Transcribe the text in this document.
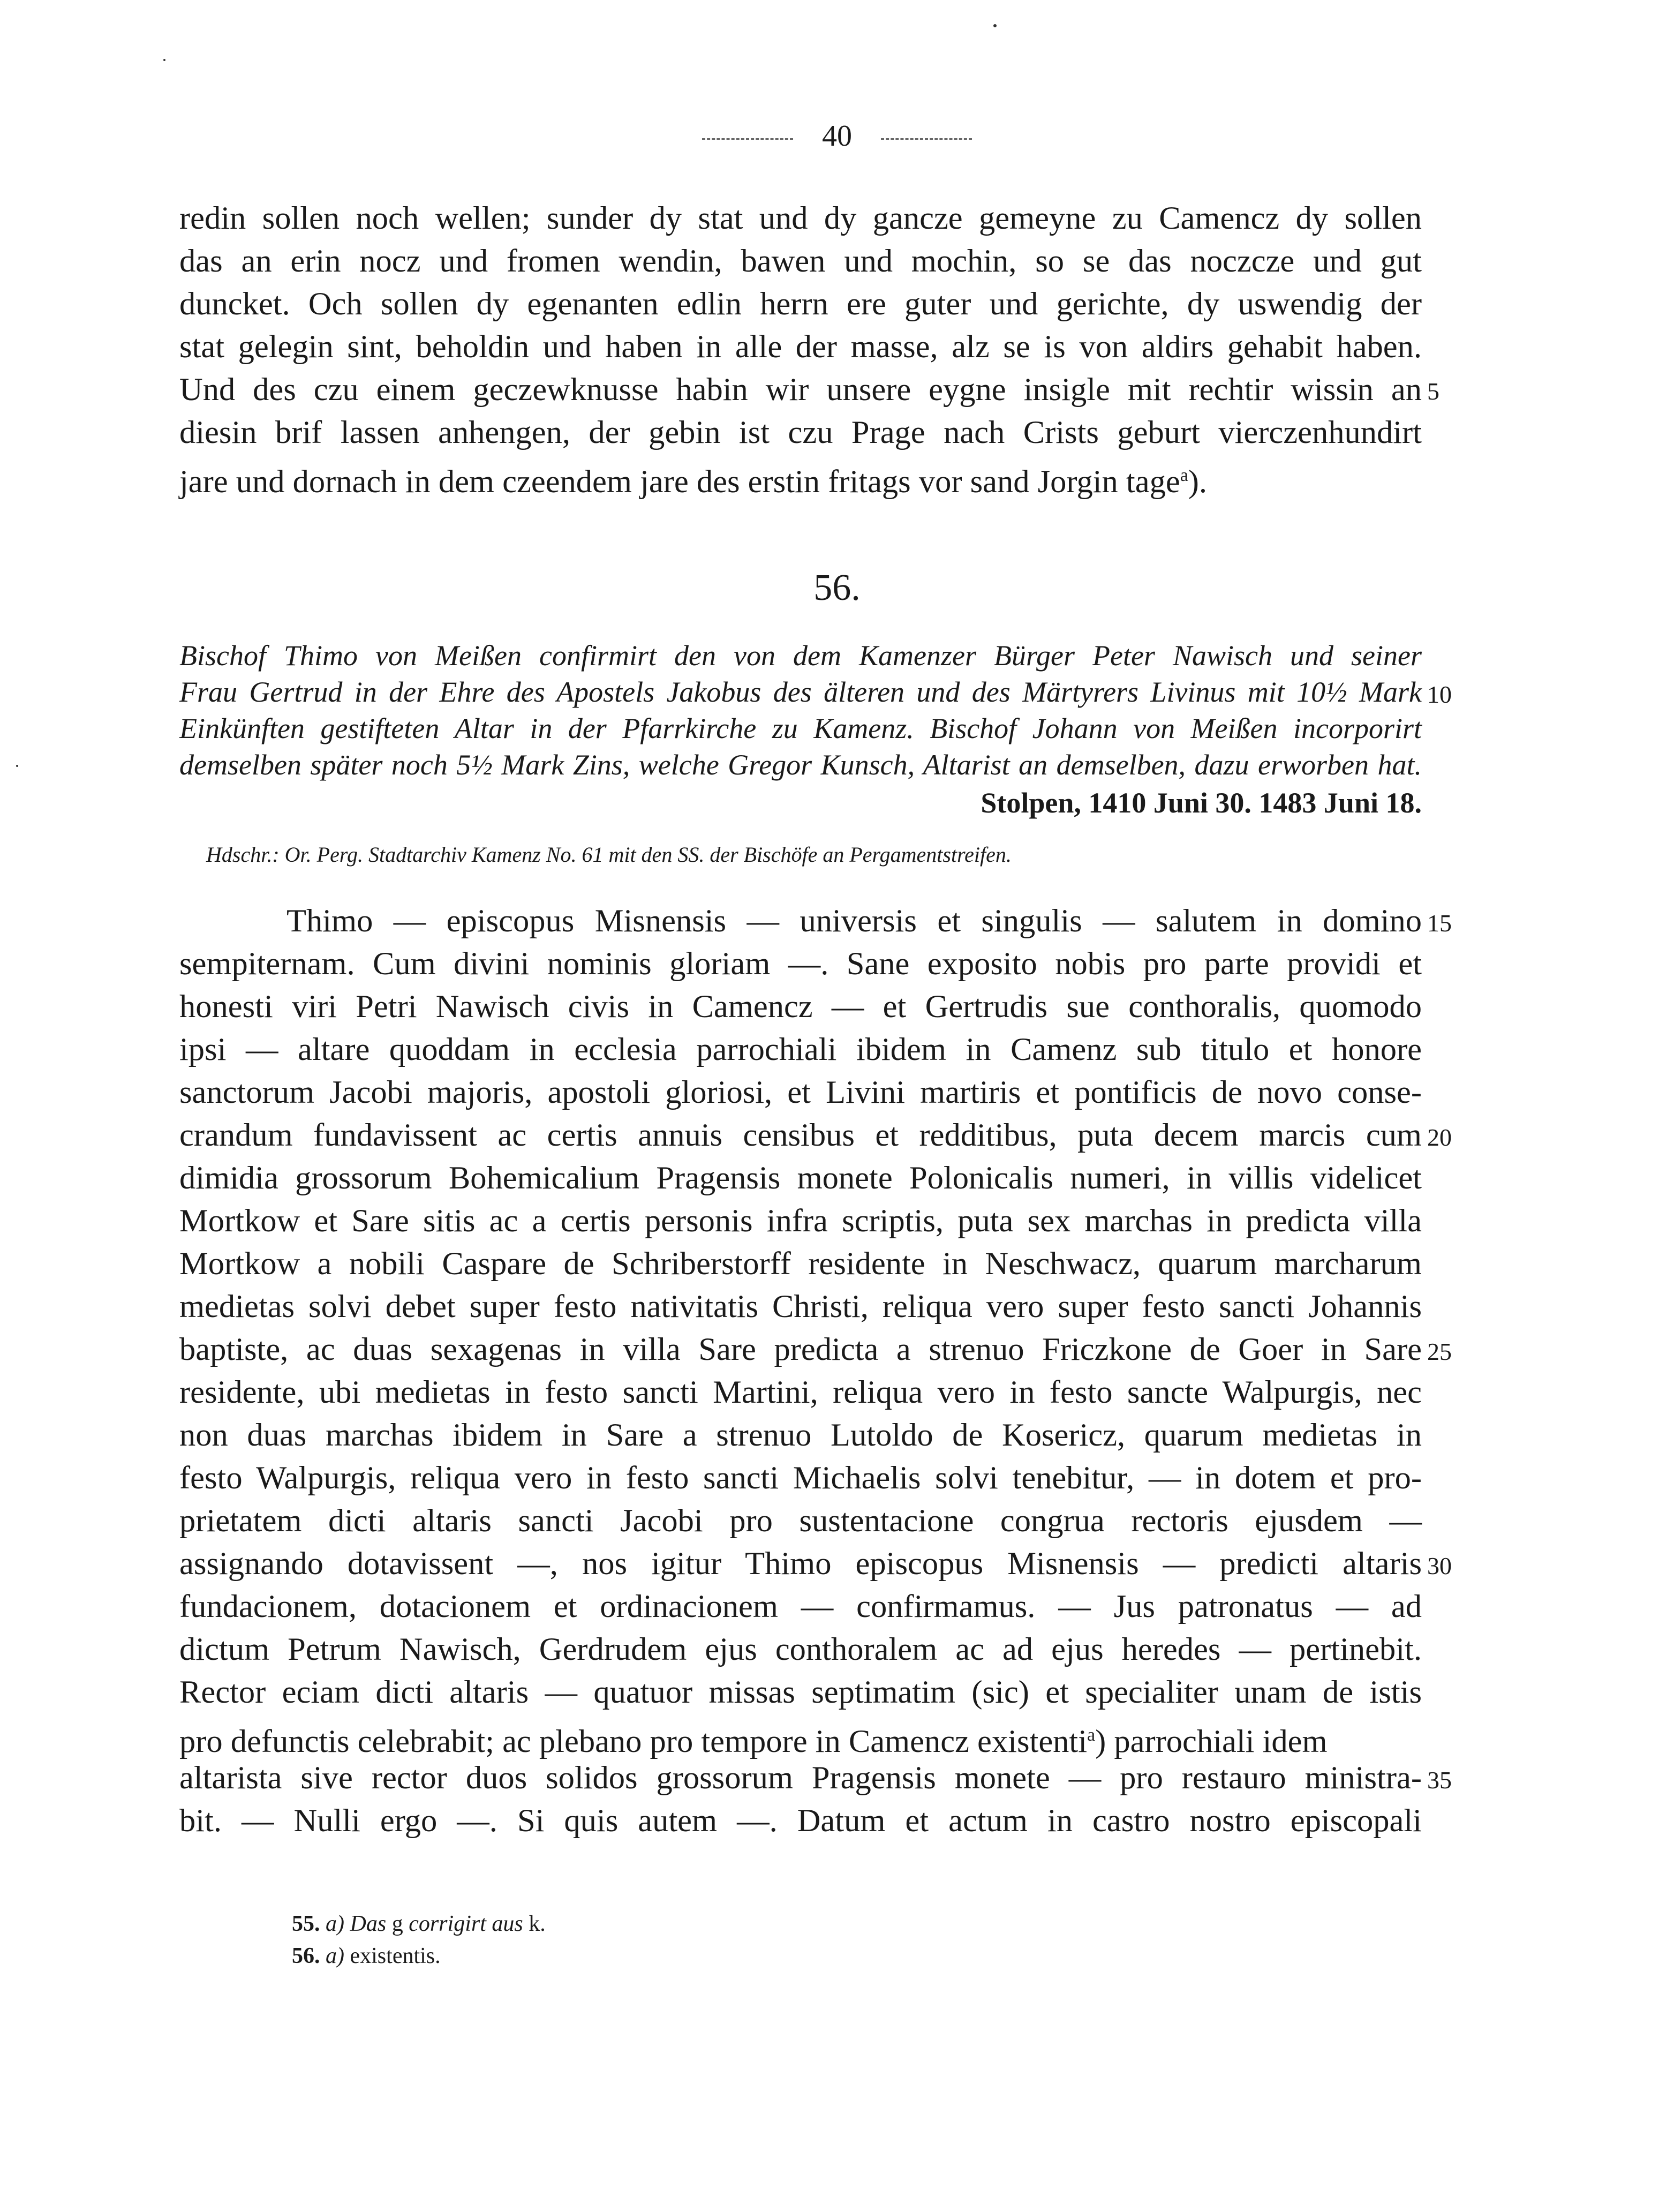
40
redin sollen noch wellen; sunder dy stat und dy gancze gemeyne zu Camencz dy sollen
das an erin nocz und fromen wendin, bawen und mochin, so se das noczcze und gut
duncket. Och sollen dy egenanten edlin herrn ere guter und gerichte, dy uswendig der
stat gelegin sint, beholdin und haben in alle der masse, alz se is von aldirs gehabit haben.
Und des czu einem geczewknusse habin wir unsere eygne insigle mit rechtir wissin an
diesin brif lassen anhengen, der gebin ist czu Prage nach Crists geburt vierczenhundirt
jare und dornach in dem czeendem jare des erstin fritags vor sand Jorgin tage$^a$).
56.
Bischof Thimo von Meißen confirmirt den von dem Kamenzer Bürger Peter Nawisch und seiner
Frau Gertrud in der Ehre des Apostels Jakobus des älteren und des Märtyrers Livinus mit 10½ Mark
Einkünften gestifteten Altar in der Pfarrkirche zu Kamenz. Bischof Johann von Meißen incorporirt
demselben später noch 5½ Mark Zins, welche Gregor Kunsch, Altarist an demselben, dazu erworben hat.
Stolpen, 1410 Juni 30. 1483 Juni 18.
Hdschr.: Or. Perg. Stadtarchiv Kamenz No. 61 mit den SS. der Bischöfe an Pergamentstreifen.
Thimo — episcopus Misnensis — universis et singulis — salutem in domino
sempiternam. Cum divini nominis gloriam —. Sane exposito nobis pro parte providi et
honesti viri Petri Nawisch civis in Camencz — et Gertrudis sue conthoralis, quomodo
ipsi — altare quoddam in ecclesia parrochiali ibidem in Camenz sub titulo et honore
sanctorum Jacobi majoris, apostoli gloriosi, et Livini martiris et pontificis de novo conse-
crandum fundavissent ac certis annuis censibus et redditibus, puta decem marcis cum
dimidia grossorum Bohemicalium Pragensis monete Polonicalis numeri, in villis videlicet
Mortkow et Sare sitis ac a certis personis infra scriptis, puta sex marchas in predicta villa
Mortkow a nobili Caspare de Schriberstorff residente in Neschwacz, quarum marcharum
medietas solvi debet super festo nativitatis Christi, reliqua vero super festo sancti Johannis
baptiste, ac duas sexagenas in villa Sare predicta a strenuo Friczkone de Goer in Sare
residente, ubi medietas in festo sancti Martini, reliqua vero in festo sancte Walpurgis, nec
non duas marchas ibidem in Sare a strenuo Lutoldo de Kosericz, quarum medietas in
festo Walpurgis, reliqua vero in festo sancti Michaelis solvi tenebitur, — in dotem et pro-
prietatem dicti altaris sancti Jacobi pro sustentacione congrua rectoris ejusdem —
assignando dotavissent —, nos igitur Thimo episcopus Misnensis — predicti altaris
fundacionem, dotacionem et ordinacionem — confirmamus. — Jus patronatus — ad
dictum Petrum Nawisch, Gerdrudem ejus conthoralem ac ad ejus heredes — pertinebit.
Rector eciam dicti altaris — quatuor missas septimatim (sic) et specialiter unam de istis
pro defunctis celebrabit; ac plebano pro tempore in Camencz existenti$^a$) parrochiali idem
altarista sive rector duos solidos grossorum Pragensis monete — pro restauro ministra-
bit. — Nulli ergo —. Si quis autem —. Datum et actum in castro nostro episcopali
5
10
15
20
25
30
35
55. a) Das g corrigirt aus k.
56. a) existentis.
